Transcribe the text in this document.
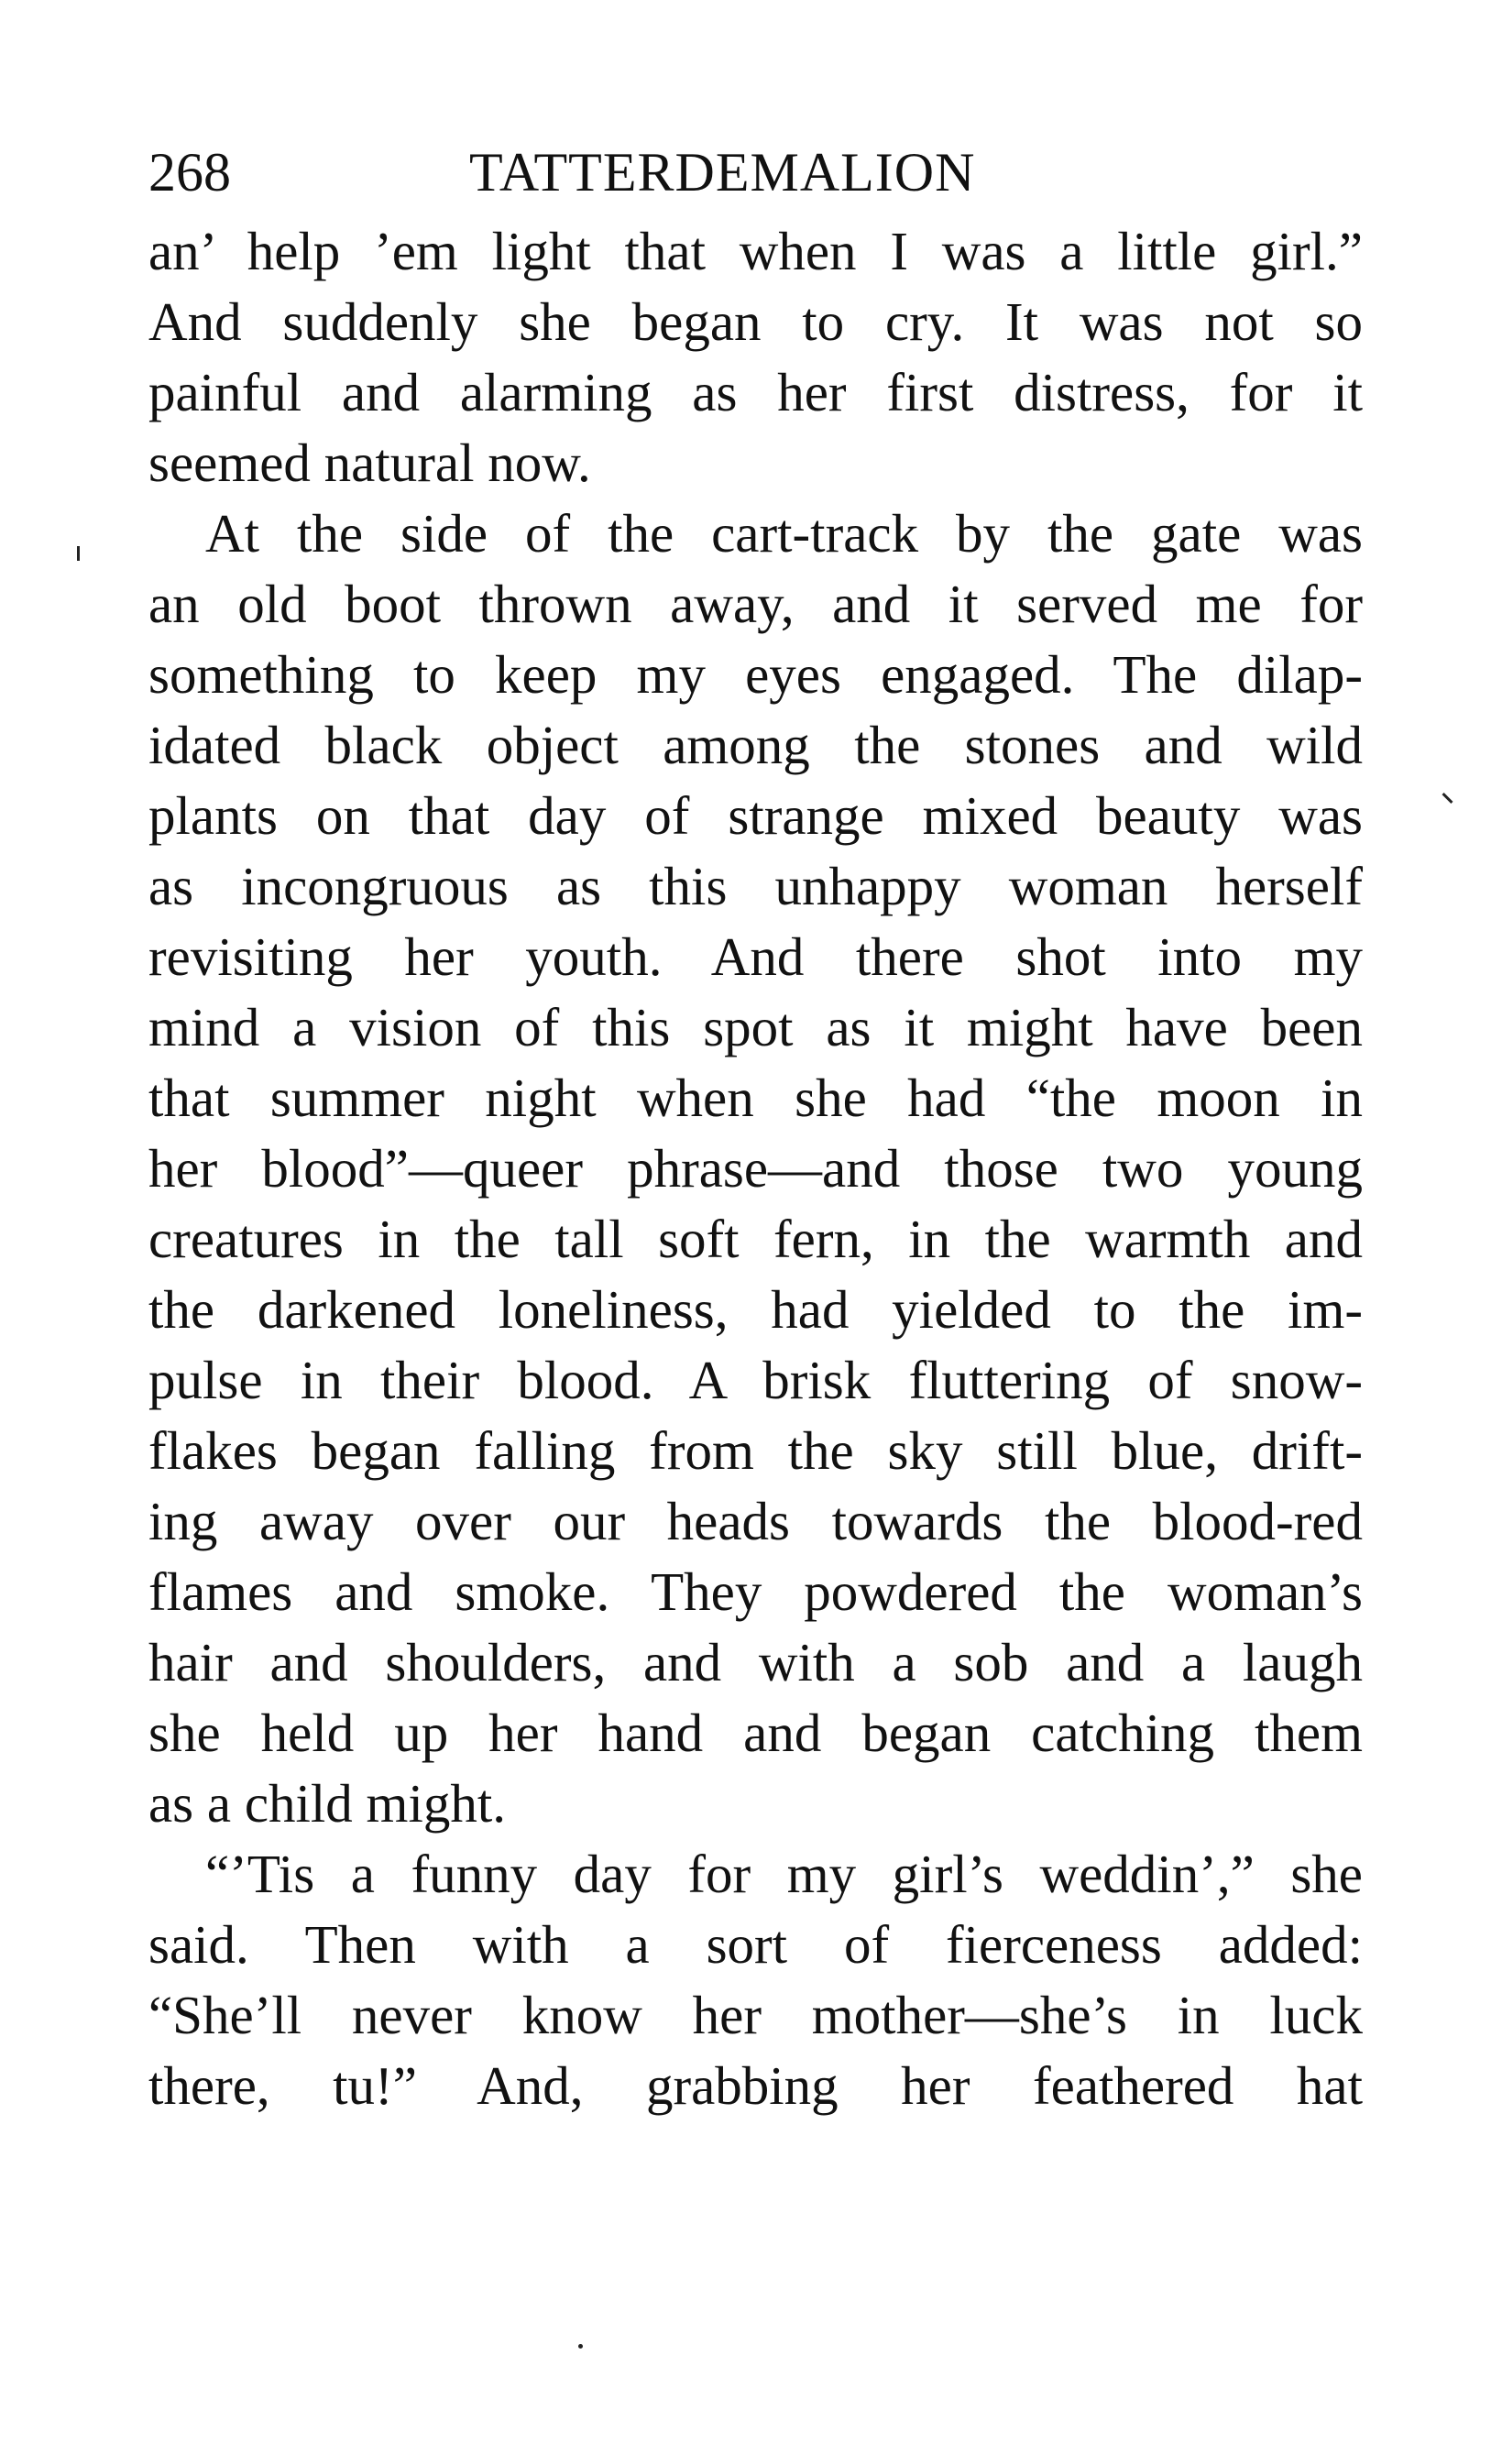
268	TATTERDEMALION
an’ help ’em light that when I was a little girl.”
And suddenly she began to cry. It was not so
painful and alarming as her first distress, for it
seemed natural now.
At the side of the cart-track by the gate was
an old boot thrown away, and it served me for
something to keep my eyes engaged. The dilap-
idated black object among the stones and wild
plants on that day of strange mixed beauty was
as incongruous as this unhappy woman herself
revisiting her youth. And there shot into my
mind a vision of this spot as it might have been
that summer night when she had “the moon in
her blood”—queer phrase—and those two young
creatures in the tall soft fern, in the warmth and
the darkened loneliness, had yielded to the im-
pulse in their blood. A brisk fluttering of snow-
flakes began falling from the sky still blue, drift-
ing away over our heads towards the blood-red
flames and smoke. They powdered the woman’s
hair and shoulders, and with a sob and a laugh
she held up her hand and began catching them
as a child might.
“’Tis a funny day for my girl’s weddin’,” she
said. Then with a sort of fierceness added:
“She’ll never know her mother—she’s in luck
there, tu!” And, grabbing her feathered hat
